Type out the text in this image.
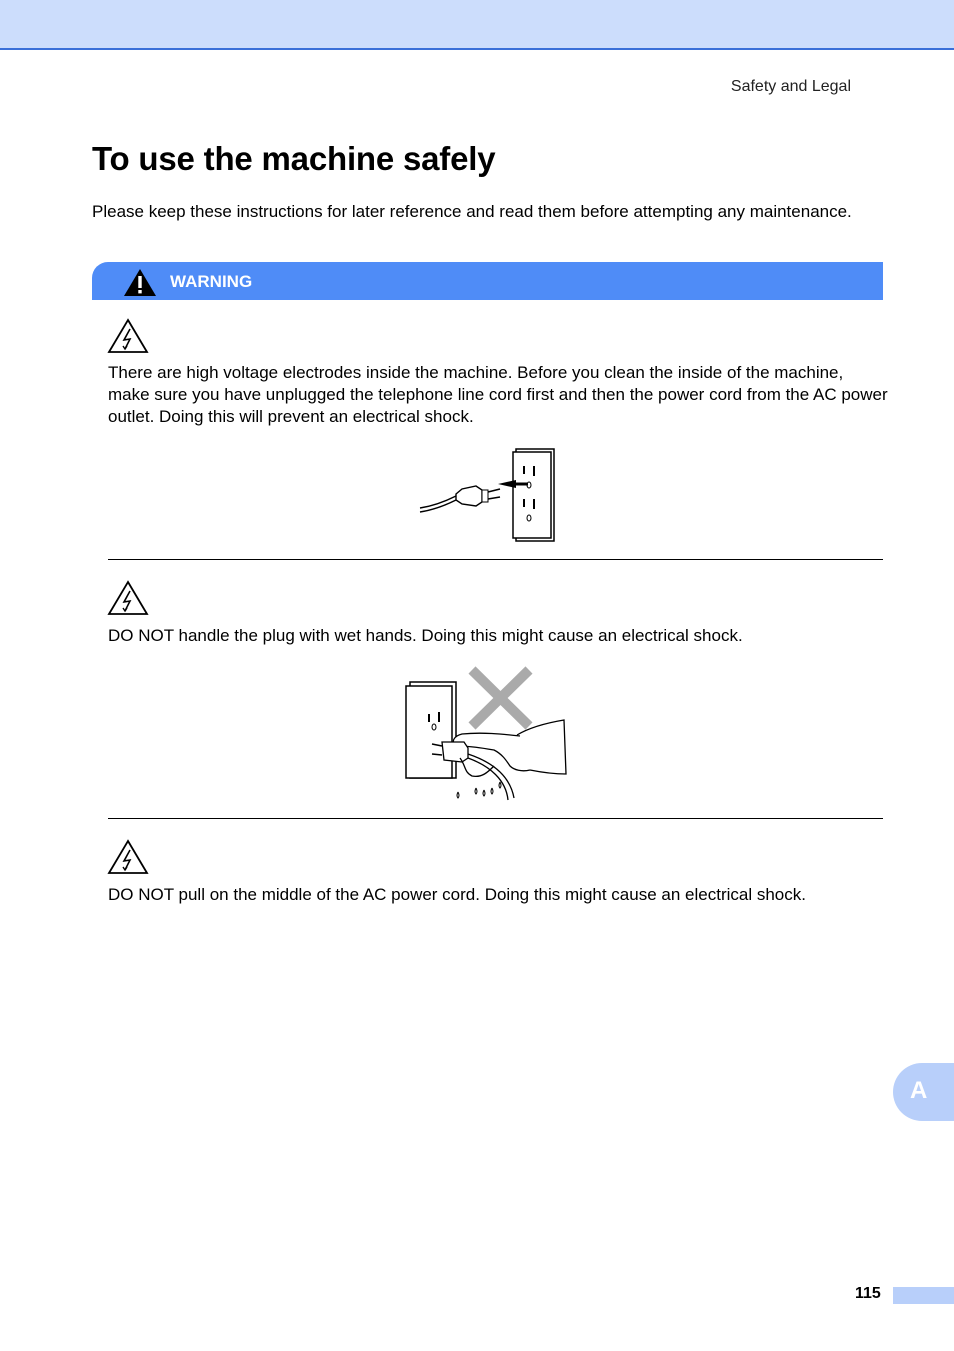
Safety and Legal
To use the machine safely

Please keep these instructions for later reference and read them before attempting any maintenance.

WARNING

There are high voltage electrodes inside the machine. Before you clean the inside of the machine, make sure you have unplugged the telephone line cord first and then the power cord from the AC power outlet. Doing this will prevent an electrical shock.

DO NOT handle the plug with wet hands. Doing this might cause an electrical shock.

DO NOT pull on the middle of the AC power cord. Doing this might cause an electrical shock.

A
115
